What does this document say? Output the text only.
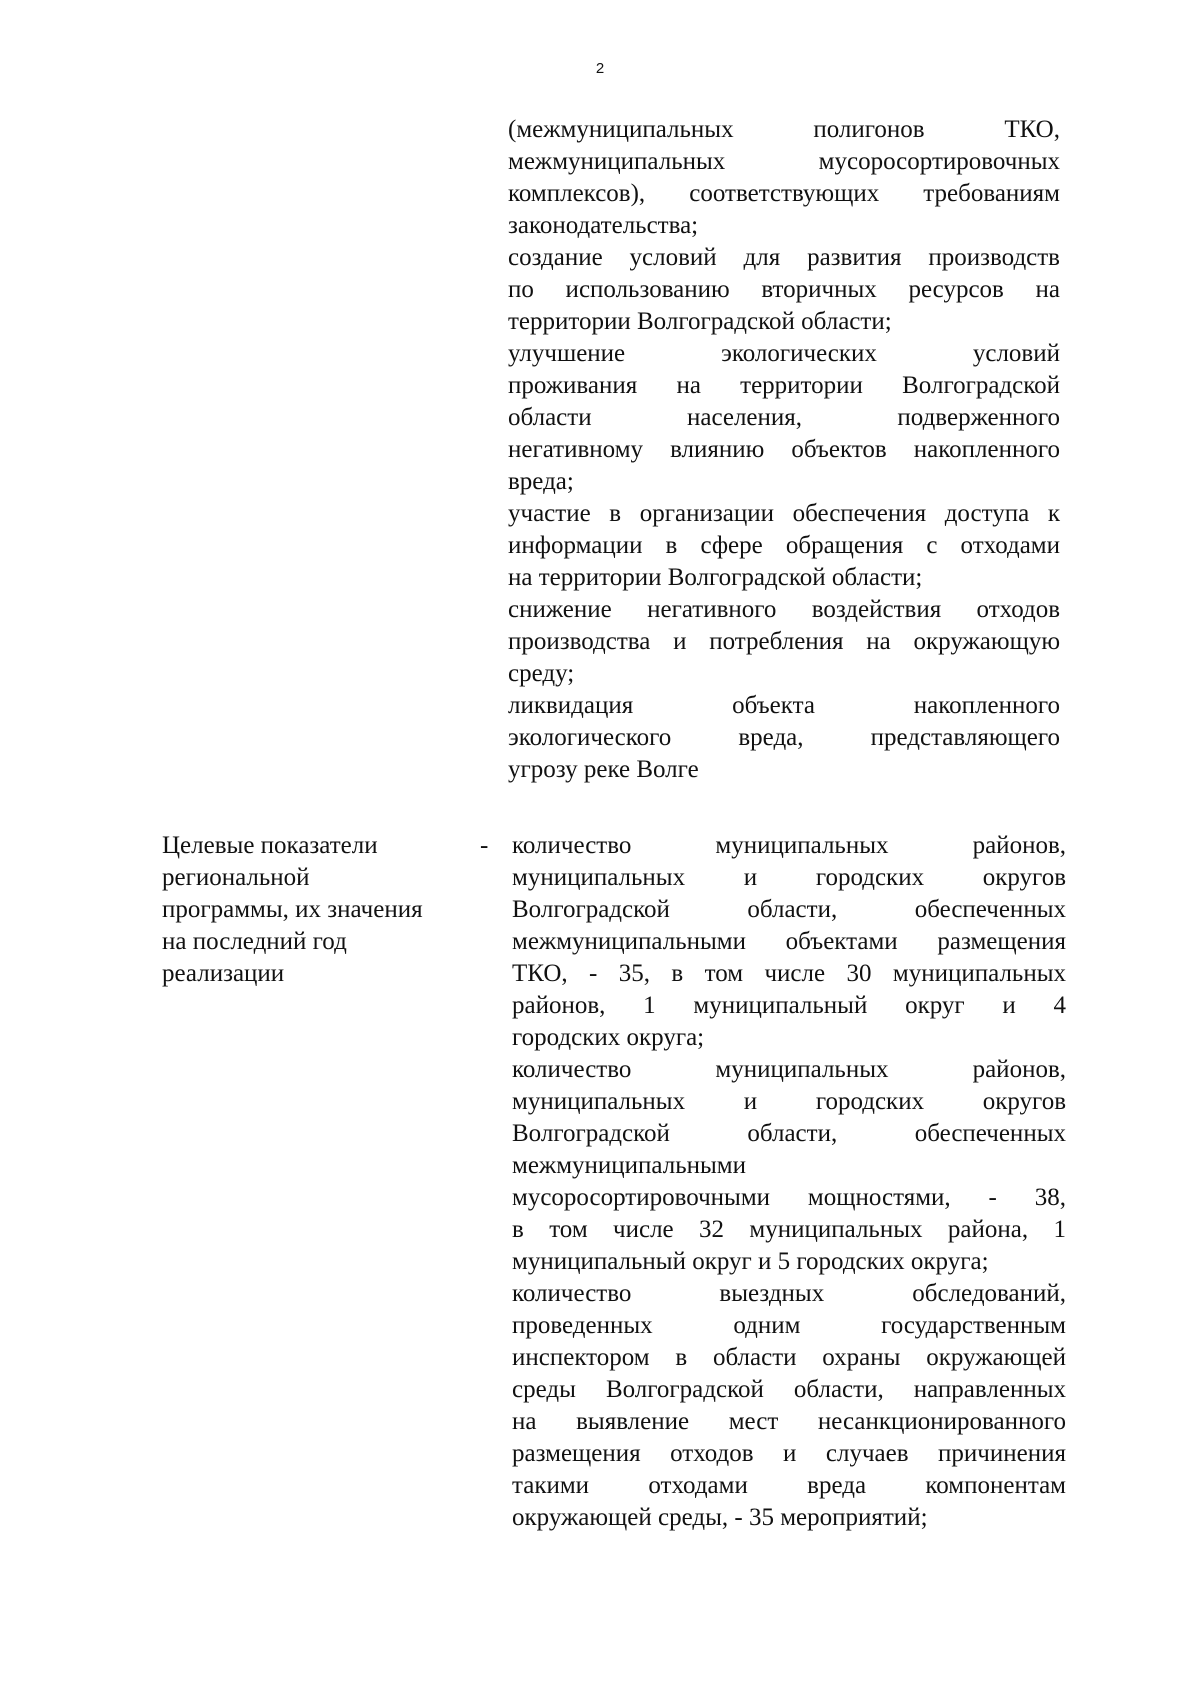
2
(межмуниципальных полигонов ТКО,
межмуниципальных мусоросортировочных
комплексов), соответствующих требованиям
законодательства;
создание условий для развития производств
по использованию вторичных ресурсов на
территории Волгоградской области;
улучшение экологических условий
проживания на территории Волгоградской
области населения, подверженного
негативному влиянию объектов накопленного
вреда;
участие в организации обеспечения доступа к
информации в сфере обращения с отходами
на территории Волгоградской области;
снижение негативного воздействия отходов
производства и потребления на окружающую
среду;
ликвидация объекта накопленного
экологического вреда, представляющего
угрозу реке Волге
Целевые показатели
региональной
программы, их значения
на последний год
реализации
- количество муниципальных районов,
муниципальных и городских округов
Волгоградской области, обеспеченных
межмуниципальными объектами размещения
ТКО, - 35, в том числе 30 муниципальных
районов, 1 муниципальный округ и 4
городских округа;
количество муниципальных районов,
муниципальных и городских округов
Волгоградской области, обеспеченных
межмуниципальными
мусоросортировочными мощностями, - 38,
в том числе 32 муниципальных района, 1
муниципальный округ и 5 городских округа;
количество выездных обследований,
проведенных одним государственным
инспектором в области охраны окружающей
среды Волгоградской области, направленных
на выявление мест несанкционированного
размещения отходов и случаев причинения
такими отходами вреда компонентам
окружающей среды, - 35 мероприятий;
